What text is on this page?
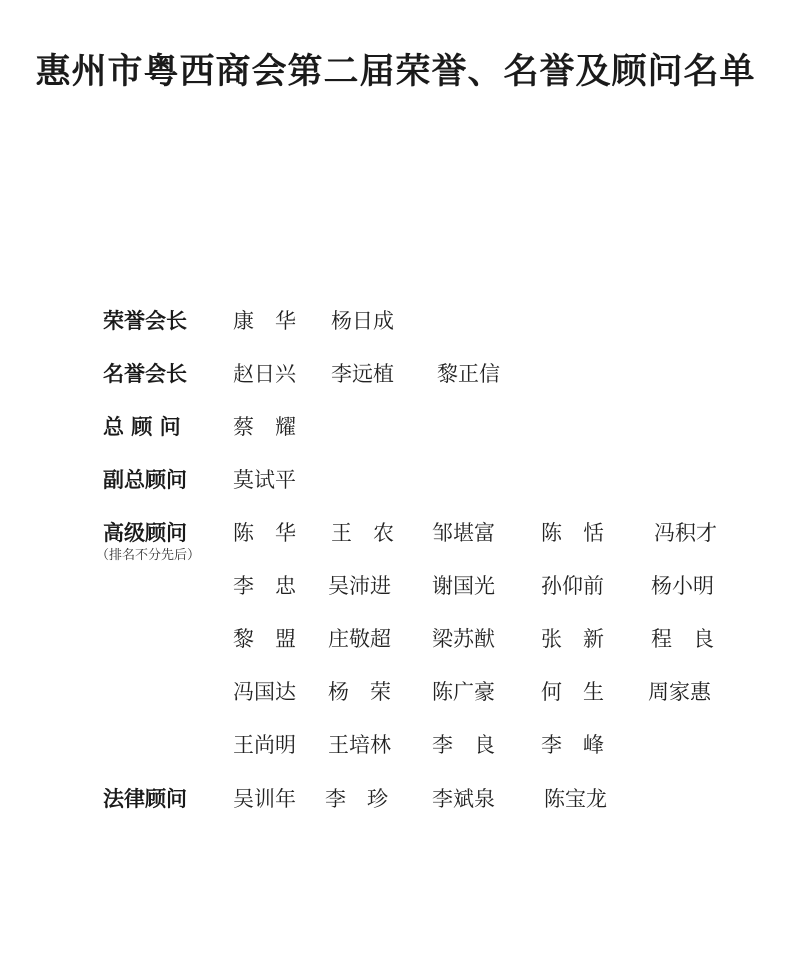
惠州市粤西商会第二届荣誉、名誉及顾问名单
荣誉会长 康　华 杨日成
名誉会长 赵日兴 李远植 黎正信
总 顾 问 蔡　耀
副总顾问 莫试平
高级顾问
（排名不分先后）
陈　华 王　农 邹堪富 陈　恬 冯积才
李　忠 吴沛进 谢国光 孙仰前 杨小明
黎　盟 庄敬超 梁苏猷 张　新 程　良
冯国达 杨　荣 陈广豪 何　生 周家惠
王尚明 王培林 李　良 李　峰
法律顾问 吴训年 李　珍 李斌泉 陈宝龙
